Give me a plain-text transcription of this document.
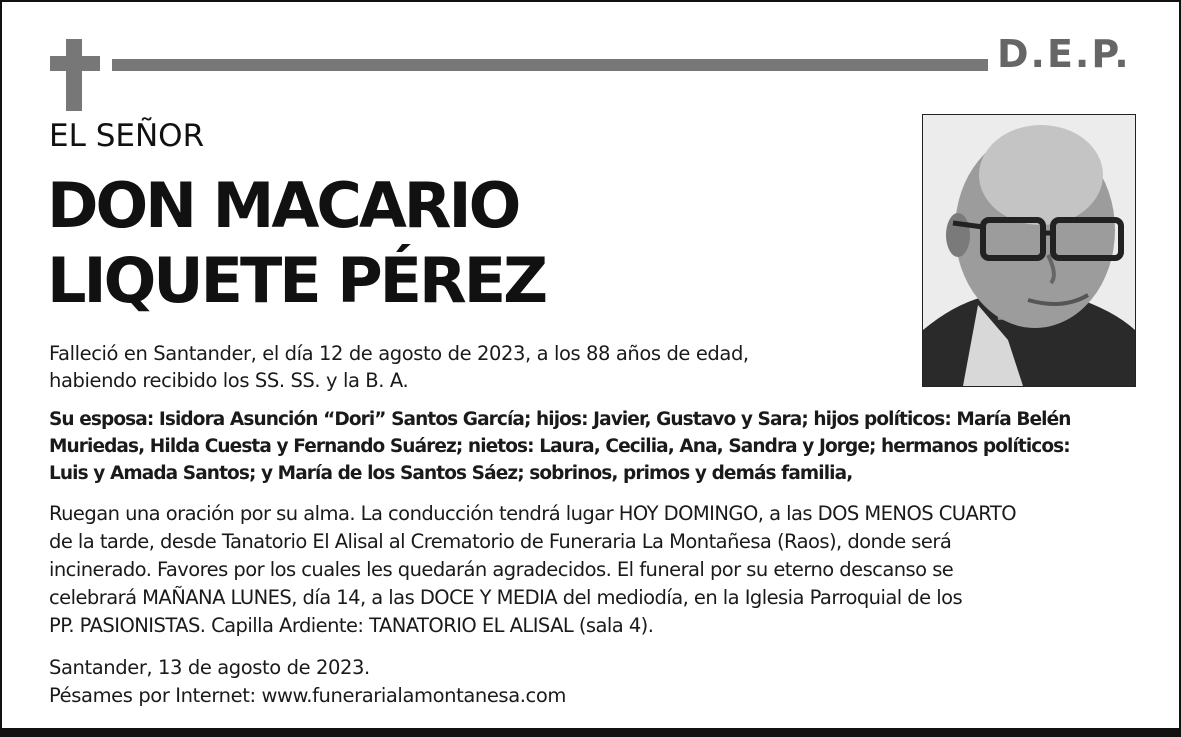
D.E.P.
EL SEÑOR
DON MACARIO
LIQUETE PÉREZ
Falleció en Santander, el día 12 de agosto de 2023, a los 88 años de edad,
habiendo recibido los SS. SS. y la B. A.
Su esposa: Isidora Asunción “Dori” Santos García; hijos: Javier, Gustavo y Sara; hijos políticos: María Belén
Muriedas, Hilda Cuesta y Fernando Suárez; nietos: Laura, Cecilia, Ana, Sandra y Jorge; hermanos políticos:
Luis y Amada Santos; y María de los Santos Sáez; sobrinos, primos y demás familia,
Ruegan una oración por su alma. La conducción tendrá lugar HOY DOMINGO, a las DOS MENOS CUARTO
de la tarde, desde Tanatorio El Alisal al Crematorio de Funeraria La Montañesa (Raos), donde será
incinerado. Favores por los cuales les quedarán agradecidos. El funeral por su eterno descanso se
celebrará MAÑANA LUNES, día 14, a las DOCE Y MEDIA del mediodía, en la Iglesia Parroquial de los
PP. PASIONISTAS. Capilla Ardiente: TANATORIO EL ALISAL (sala 4).
Santander, 13 de agosto de 2023.
Pésames por Internet: www.funerarialamontanesa.com
